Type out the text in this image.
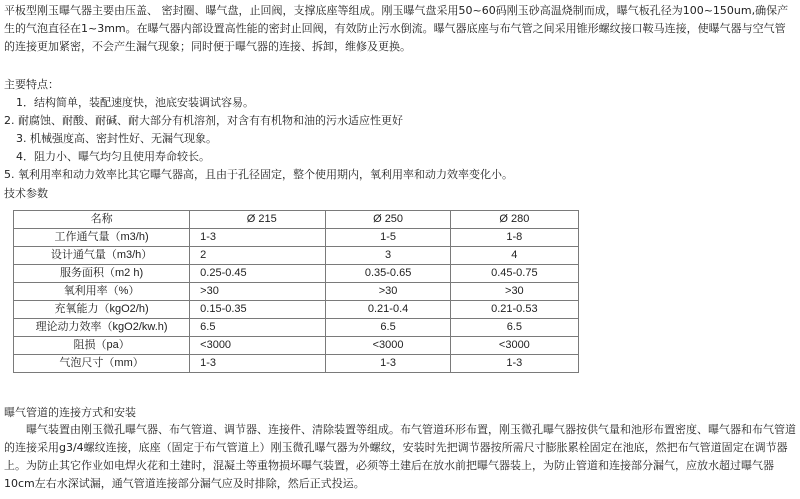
平板型刚玉曝气器主要由压盖、 密封圈、曝气盘，止回阀，支撑底座等组成。刚玉曝气盘采用50~60码刚玉砂高温烧制而成，曝气板孔径为100~150um,确保产生的气泡直径在1~3mm。在曝气器内部设置高性能的密封止回阀，有效防止污水倒流。曝气器底座与布气管之间采用锥形螺纹接口鞍马连接，使曝气器与空气管的连接更加紧密，不会产生漏气现象；同时便于曝气器的连接、拆卸，维修及更换。

主要特点：
1．结构简单，装配速度快，池底安装调试容易。
2. 耐腐蚀、耐酸、耐碱、耐大部分有机溶剂，对含有有机物和油的污水适应性更好
3. 机械强度高、密封性好、无漏气现象。
4．阻力小、曝气均匀且使用寿命较长。
5. 氧利用率和动力效率比其它曝气器高，且由于孔径固定，整个使用期内，氧利用率和动力效率变化小。
技术参数
名称	Ø 215	Ø 250	Ø 280
工作通气量（m3/h)	1-3	1-5	1-8
设计通气量（m3/h）	2	3	4
服务面积（m2 h)	0.25-0.45	0.35-0.65	0.45-0.75
氧利用率（%）	>30	>30	>30
充氧能力（kgO2/h)	0.15-0.35	0.21-0.4	0.21-0.53
理论动力效率（kgO2/kw.h)	6.5	6.5	6.5
阻损（pa）	<3000	<3000	<3000
气泡尺寸（mm）	1-3	1-3	1-3
曝气管道的连接方式和安装

曝气装置由刚玉微孔曝气器、布气管道、调节器、连接件、清除装置等组成。布气管道环形布置，刚玉微孔曝气器按供气量和池形布置密度、曝气器和布气管道的连接采用g3/4螺纹连接，底座（固定于布气管道上）刚玉微孔曝气器为外螺纹，安装时先把调节器按所需尺寸膨胀累栓固定在池底，然把布气管道固定在调节器上。为防止其它作业如电焊火花和土建时，混凝土等重物损坏曝气装置，必须等土建后在放水前把曝气器装上，为防止管道和连接部分漏气，应放水超过曝气器10cm左右水深试漏，通气管道连接部分漏气应及时排除，然后正式投运。
